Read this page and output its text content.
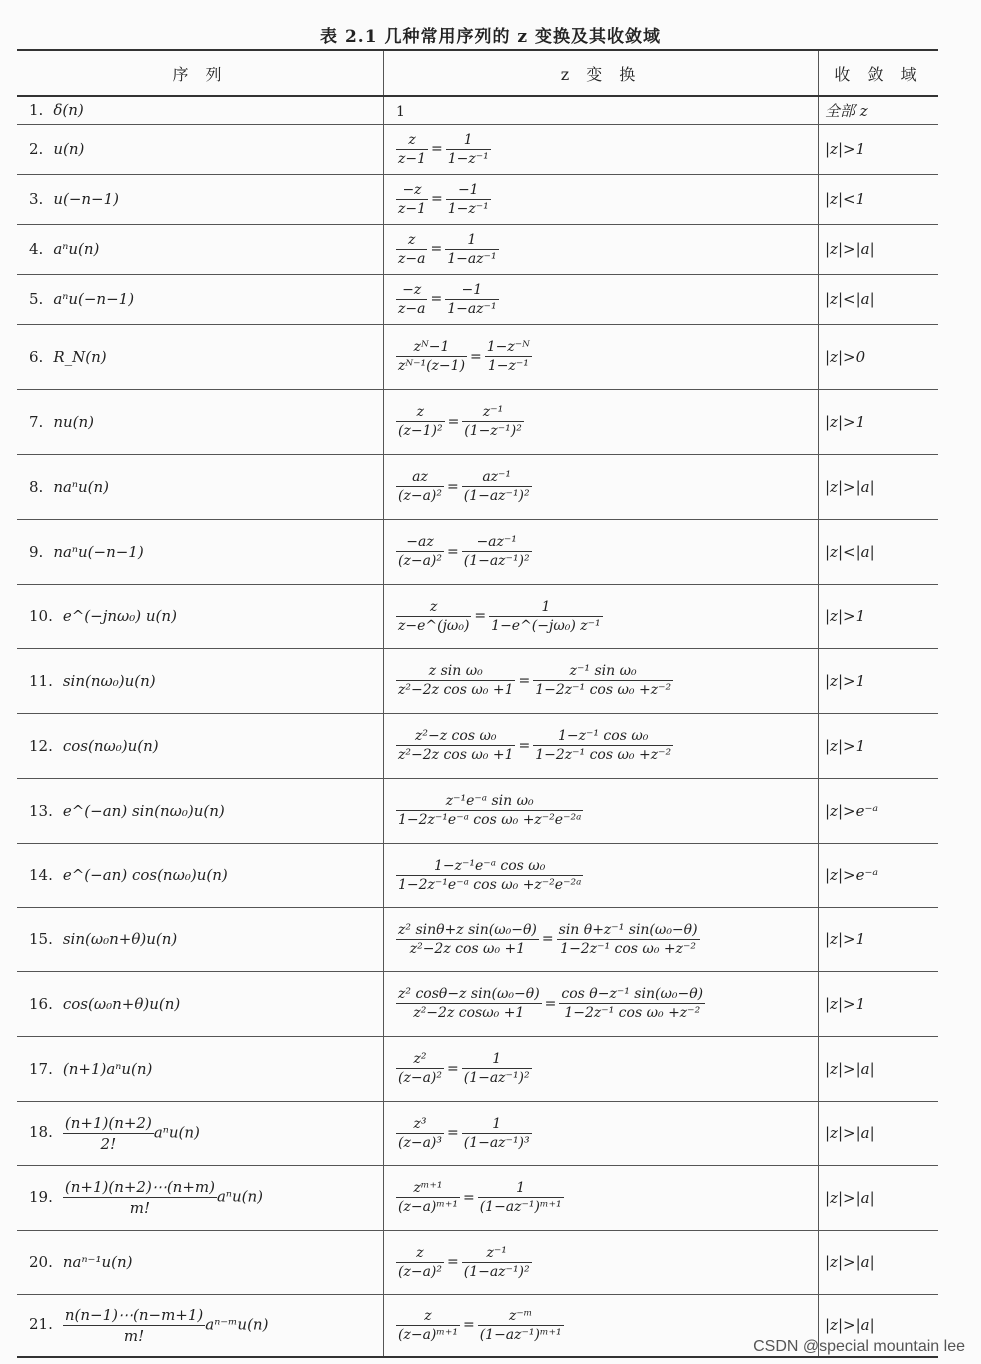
表 2.1 几种常用序列的 z 变换及其收敛域
序 列	z 变 换	收 敛 域
1. δ(n)	1	全部 z
2. u(n)	$\frac{z}{z-1} = \frac{1}{\text{1−z⁻¹}}$	|z|>1
3. u(−n−1)	$\frac{-z}{z-1} = \frac{-1}{\text{1−z⁻¹}}$	|z|<1
4. aⁿu(n)	$\frac{z}{z-a} = \frac{1}{\text{1−az⁻¹}}$	|z|>|a|
5. aⁿu(−n−1)	$\frac{-z}{z-a} = \frac{-1}{\text{1−az⁻¹}}$	|z|<|a|
6. R_N(n)	$\frac{\text{zᴺ−1}}{\text{zᴺ⁻¹(z−1)}} = \frac{\text{1−z⁻ᴺ}}{\text{1−z⁻¹}}$	|z|>0
7. nu(n)	$\frac{z}{\text{(z−1)²}} = \frac{\text{z⁻¹}}{\text{(1−z⁻¹)²}}$	|z|>1
8. naⁿu(n)	$\frac{az}{\text{(z−a)²}} = \frac{\text{az⁻¹}}{\text{(1−az⁻¹)²}}$	|z|>|a|
9. naⁿu(−n−1)	$\frac{-az}{\text{(z−a)²}} = \frac{\text{−az⁻¹}}{\text{(1−az⁻¹)²}}$	|z|<|a|
10. e^(−jnω₀) u(n)	$\frac{z}{\text{z−e\textasciicircum{}(jω₀)}} = \frac{1}{\text{1−e\textasciicircum{}(−jω₀) z⁻¹}}$	|z|>1
11. sin(nω₀)u(n)	$\frac{\text{z sin ω₀}}{\text{z²−2z cos ω₀ +1}} = \frac{\text{z⁻¹ sin ω₀}}{\text{1−2z⁻¹ cos ω₀ +z⁻²}}$	|z|>1
12. cos(nω₀)u(n)	$\frac{\text{z²−z cos ω₀}}{\text{z²−2z cos ω₀ +1}} = \frac{\text{1−z⁻¹ cos ω₀}}{\text{1−2z⁻¹ cos ω₀ +z⁻²}}$	|z|>1
13. e^(−an) sin(nω₀)u(n)	$\frac{\text{z⁻¹e⁻ᵃ sin ω₀}}{\text{1−2z⁻¹e⁻ᵃ cos ω₀ +z⁻²e⁻²ᵃ}}$	|z|>e⁻ᵃ
14. e^(−an) cos(nω₀)u(n)	$\frac{\text{1−z⁻¹e⁻ᵃ cos ω₀}}{\text{1−2z⁻¹e⁻ᵃ cos ω₀ +z⁻²e⁻²ᵃ}}$	|z|>e⁻ᵃ
15. sin(ω₀n+θ)u(n)	$\frac{\text{z² sinθ+z sin(ω₀−θ)}}{\text{z²−2z cos ω₀ +1}} = \frac{\text{sin θ+z⁻¹ sin(ω₀−θ)}}{\text{1−2z⁻¹ cos ω₀ +z⁻²}}$	|z|>1
16. cos(ω₀n+θ)u(n)	$\frac{\text{z² cosθ−z sin(ω₀−θ)}}{\text{z²−2z cosω₀ +1}} = \frac{\text{cos θ−z⁻¹ sin(ω₀−θ)}}{\text{1−2z⁻¹ cos ω₀ +z⁻²}}$	|z|>1
17. (n+1)aⁿu(n)	$\frac{\text{z²}}{\text{(z−a)²}} = \frac{1}{\text{(1−az⁻¹)²}}$	|z|>|a|
18. $\frac{(n+1)(n+2)}{2!} a^nu(n)$	$\frac{\text{z³}}{\text{(z−a)³}} = \frac{1}{\text{(1−az⁻¹)³}}$	|z|>|a|
19. $\frac{(n+1)(n+2)\cdots(n+m)}{m!} a^nu(n)$	$\frac{\text{zᵐ⁺¹}}{\text{(z−a)ᵐ⁺¹}} = \frac{1}{\text{(1−az⁻¹)ᵐ⁺¹}}$	|z|>|a|
20. naⁿ⁻¹u(n)	$\frac{z}{\text{(z−a)²}} = \frac{\text{z⁻¹}}{\text{(1−az⁻¹)²}}$	|z|>|a|
21. $\frac{n(n-1)\cdots(n-m+1)}{m!}$ aⁿ⁻ᵐu(n)	$\frac{z}{\text{(z−a)ᵐ⁺¹}} = \frac{\text{z⁻ᵐ}}{\text{(1−az⁻¹)ᵐ⁺¹}}$	|z|>|a|
CSDN @special mountain lee
